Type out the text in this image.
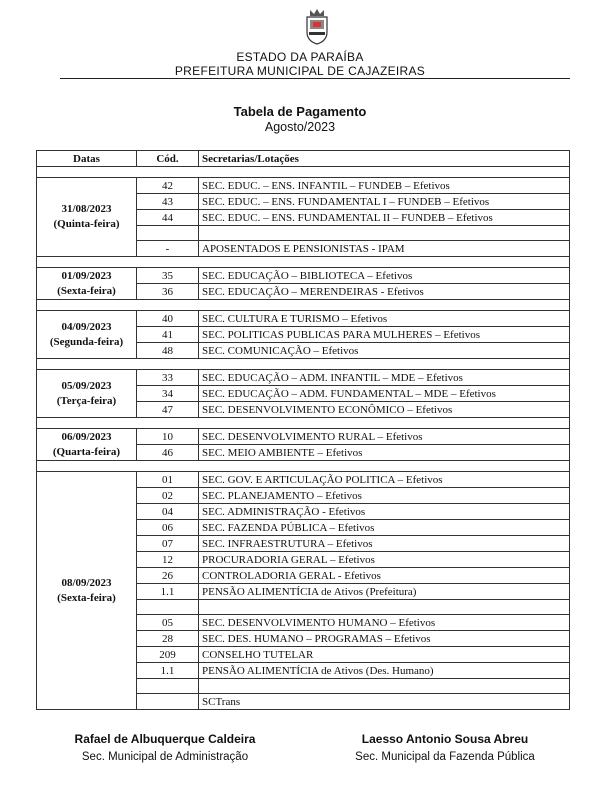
ESTADO DA PARAÍBA
PREFEITURA MUNICIPAL DE CAJAZEIRAS
Tabela de Pagamento
Agosto/2023
Datas	Cód.	Secretarias/Lotações

31/08/2023
(Quinta-feira)	42	SEC. EDUC. – ENS. INFANTIL – FUNDEB – Efetivos
	43	SEC. EDUC. – ENS. FUNDAMENTAL I – FUNDEB – Efetivos
	44	SEC. EDUC. – ENS. FUNDAMENTAL II – FUNDEB – Efetivos

	-	APOSENTADOS E PENSIONISTAS - IPAM

01/09/2023
(Sexta-feira)	35	SEC. EDUCAÇÃO – BIBLIOTECA – Efetivos
	36	SEC. EDUCAÇÃO – MERENDEIRAS - Efetivos

04/09/2023
(Segunda-feira)	40	SEC. CULTURA E TURISMO – Efetivos
	41	SEC. POLITICAS PUBLICAS PARA MULHERES – Efetivos
	48	SEC. COMUNICAÇÃO – Efetivos

05/09/2023
(Terça-feira)	33	SEC. EDUCAÇÃO – ADM. INFANTIL – MDE – Efetivos
	34	SEC. EDUCAÇÃO – ADM. FUNDAMENTAL – MDE – Efetivos
	47	SEC. DESENVOLVIMENTO ECONÔMICO – Efetivos

06/09/2023
(Quarta-feira)	10	SEC. DESENVOLVIMENTO RURAL – Efetivos
	46	SEC. MEIO AMBIENTE – Efetivos

08/09/2023
(Sexta-feira)	01	SEC. GOV. E ARTICULAÇÃO POLITICA – Efetivos
	02	SEC. PLANEJAMENTO – Efetivos
	04	SEC. ADMINISTRAÇÃO - Efetivos
	06	SEC. FAZENDA PÚBLICA – Efetivos
	07	SEC. INFRAESTRUTURA – Efetivos
	12	PROCURADORIA GERAL – Efetivos
	26	CONTROLADORIA GERAL - Efetivos
	1.1	PENSÃO ALIMENTÍCIA de Ativos (Prefeitura)

	05	SEC. DESENVOLVIMENTO HUMANO – Efetivos
	28	SEC. DES. HUMANO – PROGRAMAS – Efetivos
	209	CONSELHO TUTELAR
	1.1	PENSÃO ALIMENTÍCIA de Ativos (Des. Humano)

		SCTrans
Rafael de Albuquerque Caldeira
Sec. Municipal de Administração
Laesso Antonio Sousa Abreu
Sec. Municipal da Fazenda Pública
